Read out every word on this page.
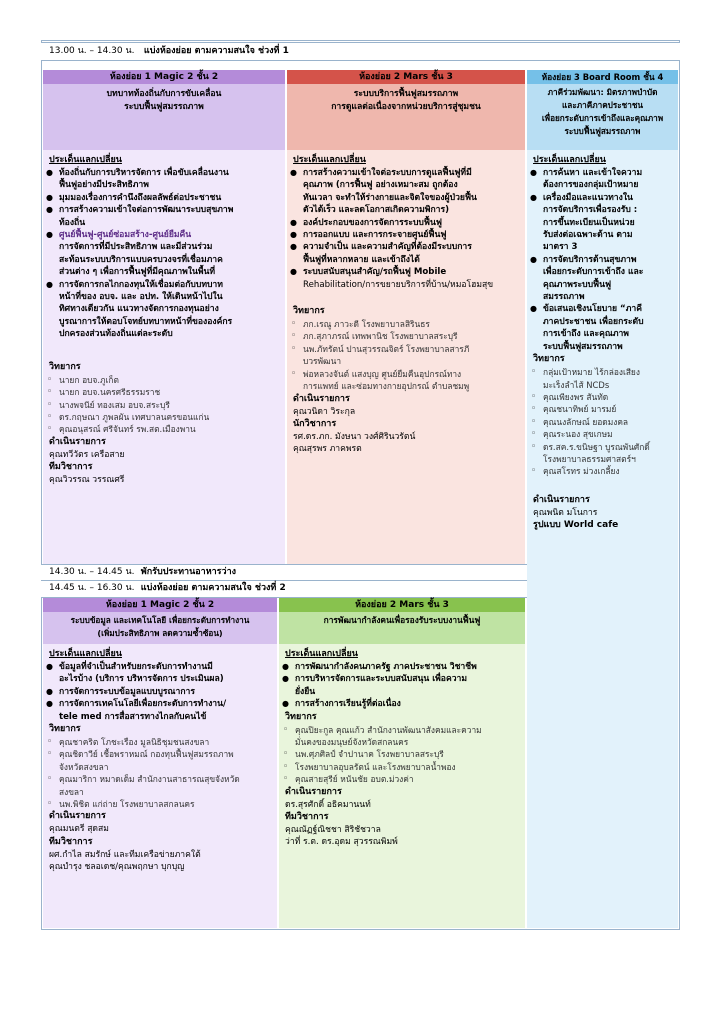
13.00 น. – 14.30 น. แบ่งห้องย่อย ตามความสนใจ ช่วงที่ 1
ห้องย่อย 1 Magic 2 ชั้น 2
บทบาทท้องถิ่นกับการขับเคลื่อน
ระบบฟื้นฟูสมรรถภาพ
ประเด็นแลกเปลี่ยน
● ท้องถิ่นกับการบริหารจัดการ เพื่อขับเคลื่อนงาน
ฟื้นฟูอย่างมีประสิทธิภาพ
● มุมมองเรื่องการคำนึงถึงผลลัพธ์ต่อประชาชน
● การสร้างความเข้าใจต่อการพัฒนาระบบสุขภาพ
ท้องถิ่น
● ศูนย์ฟื้นฟู-ศูนย์ซ่อมสร้าง-ศูนย์ยืมคืน
การจัดการที่มีประสิทธิภาพ และมีส่วนร่วม
สะท้อนระบบบริการแบบครบวงจรที่เชื่อมภาค
ส่วนต่าง ๆ เพื่อการฟื้นฟูที่มีคุณภาพในพื้นที่
● การจัดการกลไกกองทุนให้เชื่อมต่อกับบทบาท
หน้าที่ของ อบจ. และ อปท. ให้เดินหน้าไปใน
ทิศทางเดียวกัน แนวทางจัดการกองทุนอย่าง
บูรณาการให้ตอบโจทย์บทบาทหน้าที่ขององค์กร
ปกครองส่วนท้องถิ่นแต่ละระดับ
วิทยากร
◦ นายก อบจ.ภูเก็ต
◦ นายก อบจ.นครศรีธรรมราช
◦ นางพจนีย์ ทองเสม อบจ.สระบุรี
◦ ดร.กฤษณา ภูพลผัน เทศบาลนครขอนแก่น
◦ คุณอนุสรณ์ ศรีจันทร์ รพ.สต.เมืองพาน
ดำเนินรายการ
คุณทวีวัตร เครือสาย
ทีมวิชาการ
คุณวิวรรณ วรรณศรี
ห้องย่อย 2 Mars ชั้น 3
ระบบบริการฟื้นฟูสมรรถภาพ
การดูแลต่อเนื่องจากหน่วยบริการสู่ชุมชน
ประเด็นแลกเปลี่ยน
● การสร้างความเข้าใจต่อระบบการดูแลฟื้นฟูที่มี
คุณภาพ (การฟื้นฟู อย่างเหมาะสม ถูกต้อง
ทันเวลา จะทำให้ร่างกายและจิตใจของผู้ป่วยฟื้น
ตัวได้เร็ว และลดโอกาสเกิดความพิการ)
● องค์ประกอบของการจัดการระบบฟื้นฟู
● การออกแบบ และการกระจายศูนย์ฟื้นฟู
● ความจำเป็น และความสำคัญที่ต้องมีระบบการ
ฟื้นฟูที่หลากหลาย และเข้าถึงได้
● ระบบสนับสนุนสำคัญ/รถฟื้นฟู Mobile
Rehabilitation/การขยายบริการที่บ้าน/หมอโฮมสุข
วิทยากร
◦ ภก.เรณู ภาวะดี โรงพยาบาลสิรินธร
◦ ภก.สุภาภรณ์ เทพพานิช โรงพยาบาลสระบุรี
◦ นพ.ภัทรัตน์ ปานสุวรรณจิตร์ โรงพยาบาลสารภี
บวรพัฒนา
◦ พ่อหลวงจันต์ แสงบุญ ศูนย์ยืมคืนอุปกรณ์ทาง
การแพทย์ และซ่อมทางกายอุปกรณ์ ตำบลชมพู
ดำเนินรายการ
คุณวนิดา วิระกุล
นักวิชาการ
รศ.ดร.ภก. มังษนา วงศ์ศิรินวรัตน์
คุณสุรพร ภาคพรต
ห้องย่อย 3 Board Room ชั้น 4
ภาคีร่วมพัฒนา: มิตรภาพบำบัด
และภาคีภาคประชาชน
เพื่อยกระดับการเข้าถึงและคุณภาพ
ระบบฟื้นฟูสมรรถภาพ
ประเด็นแลกเปลี่ยน
● การค้นหา และเข้าใจความ
ต้องการของกลุ่มเป้าหมาย
● เครื่องมือและแนวทางใน
การจัดบริการเพื่อรองรับ :
การขึ้นทะเบียนเป็นหน่วย
รับส่งต่อเฉพาะด้าน ตาม
มาตรา 3
● การจัดบริการด้านสุขภาพ
เพื่อยกระดับการเข้าถึง และ
คุณภาพระบบฟื้นฟู
สมรรถภาพ
● ข้อเสนอเชิงนโยบาย “ภาคี
ภาคประชาชน เพื่อยกระดับ
การเข้าถึง และคุณภาพ
ระบบฟื้นฟูสมรรถภาพ
วิทยากร
◦ กลุ่มเป้าหมาย ไร้กล่องเสียง
มะเร็งลำไส้ NCDs
◦ คุณเพียงพร สันทัด
◦ คุณชนาทิพย์ มารมย์
◦ คุณนงลักษณ์ ยอดมงคล
◦ คุณระนอง สุขเกษม
◦ ดร.สค.ร.ขนิษฐา บูรณพันศักดิ์
โรงพยาบาลธรรมศาสตร์ฯ
◦ คุณสโรทร ม่วงเกลี้ยง
ดำเนินรายการ
คุณพนิต มโนการ
รูปแบบ World cafe
14.30 น. – 14.45 น. พักรับประทานอาหารว่าง
14.45 น. – 16.30 น. แบ่งห้องย่อย ตามความสนใจ ช่วงที่ 2
ห้องย่อย 1 Magic 2 ชั้น 2
ระบบข้อมูล และเทคโนโลยี เพื่อยกระดับการทำงาน
(เพิ่มประสิทธิภาพ ลดความซ้ำซ้อน)
ประเด็นแลกเปลี่ยน
● ข้อมูลที่จำเป็นสำหรับยกระดับการทำงานมี
อะไรบ้าง (บริการ บริหารจัดการ ประเมินผล)
● การจัดการระบบข้อมูลแบบบูรณาการ
● การจัดการเทคโนโลยีเพื่อยกระดับการทำงาน/
tele med การสื่อสารทางไกลกับคนไข้
วิทยากร
◦ คุณชาคริต โภชะเรือง มูลนิธิชุมชนสงขลา
◦ คุณชิดาวีย์ เชื้อพราหมณ์ กองทุนฟื้นฟูสมรรถภาพ
จังหวัดสงขลา
◦ คุณมาริกา หมาดเด็ม สำนักงานสาธารณสุขจังหวัด
สงขลา
◦ นพ.พิชิต แก่ถ่าย โรงพยาบาลสกลนคร
ดำเนินรายการ
คุณมนตรี สุดสม
ทีมวิชาการ
ผศ.กำไล สมรักษ์ และทีมเครือข่ายภาคใต้
คุณบำรุง ชลอเดช/คุณพฤกษา บุกบุญ
ห้องย่อย 2 Mars ชั้น 3
การพัฒนากำลังคนเพื่อรองรับระบบงานฟื้นฟู
ประเด็นแลกเปลี่ยน
● การพัฒนากำลังคนภาครัฐ ภาคประชาชน วิชาชีพ
● การบริหารจัดการและระบบสนับสนุน เพื่อความ
ยั่งยืน
● การสร้างการเรียนรู้ที่ต่อเนื่อง
วิทยากร
◦ คุณปิยะกูล คุณแก้ว สำนักงานพัฒนาสังคมและความ
มั่นคงของมนุษย์จังหวัดสกลนคร
◦ นพ.ศุภศิลป์ จำปานาค โรงพยาบาลสระบุรี
◦ โรงพยาบาลอุบลรัตน์ และโรงพยาบาลน้ำพอง
◦ คุณสายสุรีย์ หนันชัย อบต.ม่วงค่า
ดำเนินรายการ
ดร.สุรศักดิ์ อธิคมานนท์
ทีมวิชาการ
คุณณัฏฐ์ณิชชา สิริชัชวาล
ว่าที่ ร.ต. ดร.อุดม สุวรรณพิมพ์
